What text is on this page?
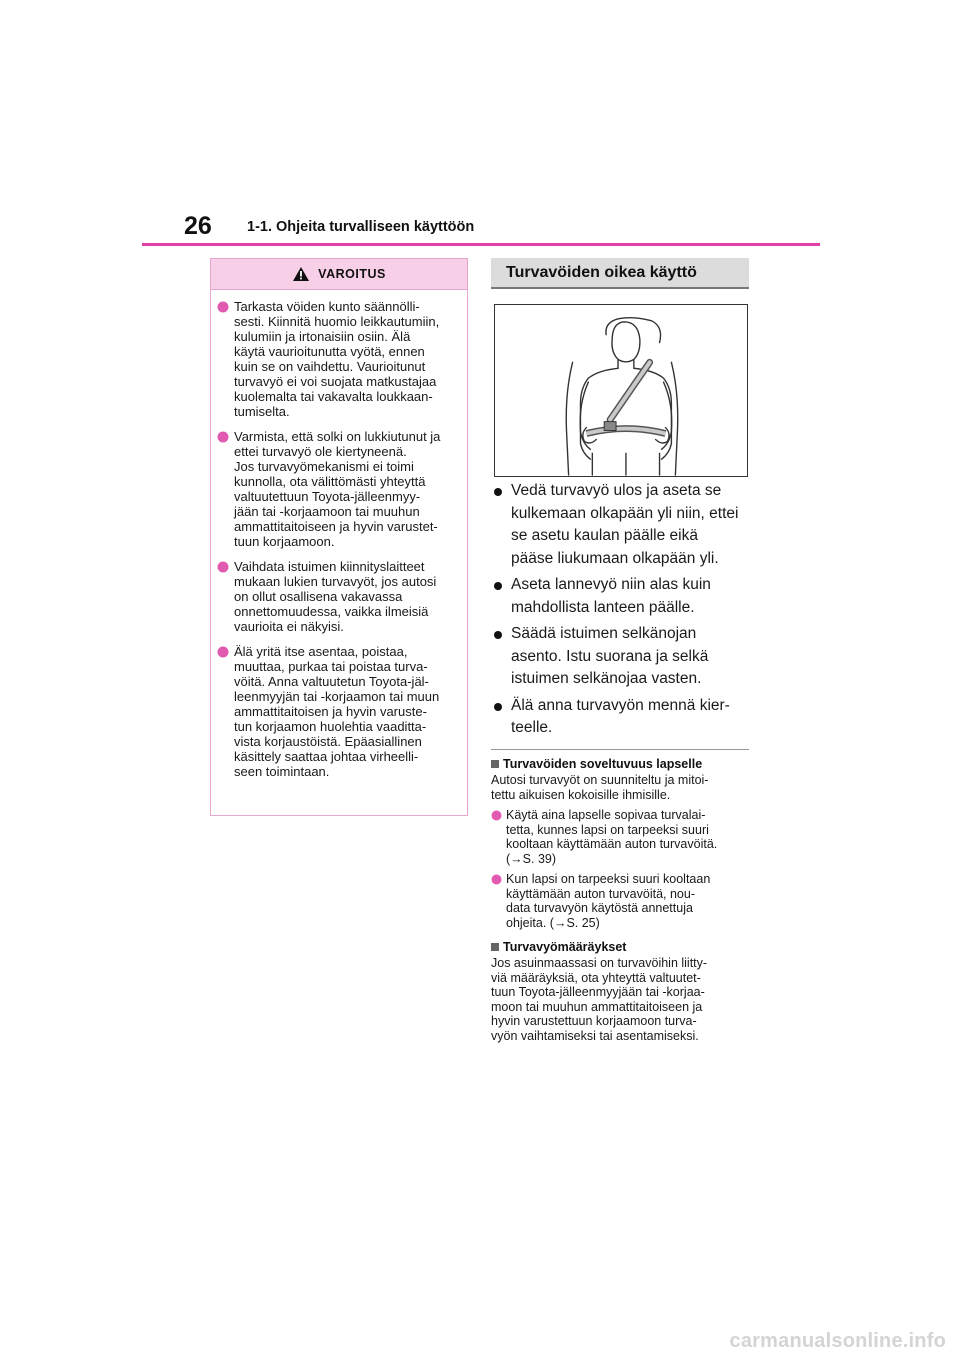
26 1-1. Ohjeita turvalliseen käyttöön
VAROITUS
Tarkasta vöiden kunto säännölli-
sesti. Kiinnitä huomio leikkautumiin,
kulumiin ja irtonaisiin osiin. Älä
käytä vaurioitunutta vyötä, ennen
kuin se on vaihdettu. Vaurioitunut
turvavyö ei voi suojata matkustajaa
kuolemalta tai vakavalta loukkaan-
tumiselta.
Varmista, että solki on lukkiutunut ja
ettei turvavyö ole kiertyneenä.
Jos turvavyömekanismi ei toimi
kunnolla, ota välittömästi yhteyttä
valtuutettuun Toyota-jälleenmyy-
jään tai -korjaamoon tai muuhun
ammattitaitoiseen ja hyvin varustet-
tuun korjaamoon.
Vaihdata istuimen kiinnityslaitteet
mukaan lukien turvavyöt, jos autosi
on ollut osallisena vakavassa
onnettomuudessa, vaikka ilmeisiä
vaurioita ei näkyisi.
Älä yritä itse asentaa, poistaa,
muuttaa, purkaa tai poistaa turva-
vöitä. Anna valtuutetun Toyota-jäl-
leenmyyjän tai -korjaamon tai muun
ammattitaitoisen ja hyvin varuste-
tun korjaamon huolehtia vaaditta-
vista korjaustöistä. Epäasiallinen
käsittely saattaa johtaa virheelli-
seen toimintaan.
Turvavöiden oikea käyttö
Vedä turvavyö ulos ja aseta se
kulkemaan olkapään yli niin, ettei
se asetu kaulan päälle eikä
pääse liukumaan olkapään yli.
Aseta lannevyö niin alas kuin
mahdollista lanteen päälle.
Säädä istuimen selkänojan
asento. Istu suorana ja selkä
istuimen selkänojaa vasten.
Älä anna turvavyön mennä kier-
teelle.
Turvavöiden soveltuvuus lapselle
Autosi turvavyöt on suunniteltu ja mitoi-
tettu aikuisen kokoisille ihmisille.
Käytä aina lapselle sopivaa turvalai-
tetta, kunnes lapsi on tarpeeksi suuri
kooltaan käyttämään auton turvavöitä.
(→S. 39)
Kun lapsi on tarpeeksi suuri kooltaan
käyttämään auton turvavöitä, nou-
data turvavyön käytöstä annettuja
ohjeita. (→S. 25)
Turvavyömääräykset
Jos asuinmaassasi on turvavöihin liitty-
viä määräyksiä, ota yhteyttä valtuutet-
tuun Toyota-jälleenmyyjään tai -korjaa-
moon tai muuhun ammattitaitoiseen ja
hyvin varustettuun korjaamoon turva-
vyön vaihtamiseksi tai asentamiseksi.
carmanualsonline.info
